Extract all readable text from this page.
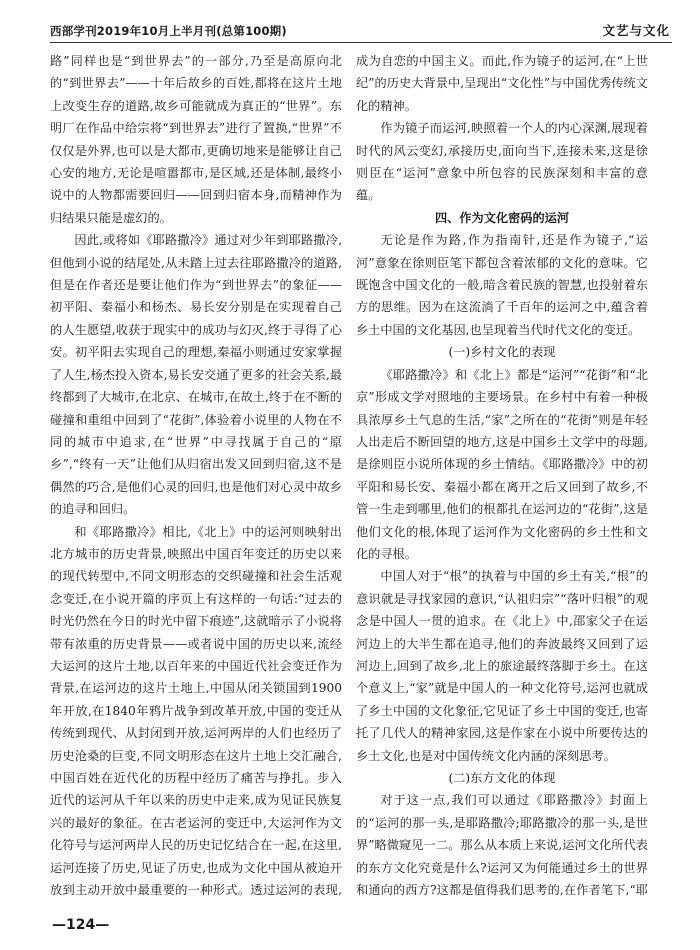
西部学刊2019年10月上半月刊(总第100期)	文艺与文化

路”同样也是“到世界去”的一部分,乃至是高原向北的“到世界去”——十年后故乡的百姓,都将在这片土地上改变生存的道路,故乡可能就成为真正的“世界”。东明厂在作品中给宗将“到世界去”进行了置换,“世界”不仅仅是外界,也可以是大都市,更确切地来是能够让自己心安的地方,无论是喧嚣都市,是区域,还是体制,最终小说中的人物都需要回归——回到归宿本身,而精神作为归结果只能是虚幻的。

因此,或将如《耶路撒冷》通过对少年到耶路撒冷,但他到小说的结尾处,从未踏上过去往耶路撒冷的道路,但是在作者还是要让他们作为“到世界去”的象征——初平阳、秦福小和杨杰、易长安分别是在实现着自己的人生愿望,收获于现实中的成功与幻灭,终于寻得了心安。初平阳去实现自己的理想,秦福小则通过安家掌握了人生,杨杰投入资本,易长安交通了更多的社会关系,最终都到了大城市,在北京、在城市,在故土,终于在不断的碰撞和重组中回到了“花街”,体验着小说里的人物在不同的城市中追求,在“世界”中寻找属于自己的“原乡”,“终有一天”让他们从归宿出发又回到归宿,这不是偶然的巧合,是他们心灵的回归,也是他们对心灵中故乡的追寻和回归。

和《耶路撒冷》相比,《北上》中的运河则映射出北方城市的历史背景,映照出中国百年变迁的历史以来的现代转型中,不同文明形态的交织碰撞和社会生活观念变迁,在小说开篇的序页上有这样的一句话:“过去的时光仍然在今日的时光中留下痕迹”,这就暗示了小说将带有浓重的历史背景——或者说中国的历史以来,流经大运河的这片土地,以百年来的中国近代社会变迁作为背景,在运河边的这片土地上,中国从闭关锁国到1900年开放,在1840年鸦片战争到改革开放,中国的变迁从传统到现代、从封闭到开放,运河两岸的人们也经历了历史沧桑的巨变,不同文明形态在这片土地上交汇融合,中国百姓在近代化的历程中经历了痛苦与挣扎。步入近代的运河从千年以来的历史中走来,成为见证民族复兴的最好的象征。在古老运河的变迁中,大运河作为文化符号与运河两岸人民的历史记忆结合在一起,在这里,运河连接了历史,见证了历史,也成为文化中国从被迫开放到主动开放中最重要的一种形式。透过运河的表现,

成为自恋的中国主义。而此,作为镜子的运河,在“上世纪”的历史大背景中,呈现出“文化性”与中国优秀传统文化的精神。

作为镜子而运河,映照着一个人的内心深渊,展现着时代的风云变幻,承接历史,面向当下,连接未来,这是徐则臣在“运河”意象中所包容的民族深刻和丰富的意蕴。

四、作为文化密码的运河

无论是作为路,作为指南针,还是作为镜子,“运河”意象在徐则臣笔下都包含着浓郁的文化的意味。它既饱含中国文化的一般,暗含着民族的智慧,也投射着东方的思维。因为在这流淌了千百年的运河之中,蕴含着乡土中国的文化基因,也呈现着当代时代文化的变迁。

(一)乡村文化的表现

《耶路撒冷》和《北上》都是“运河”“花街”和“北京”形成文学对照地的主要场景。在乡村中有着一种极具浓厚乡土气息的生活,“家”之所在的“花街”则是年轻人出走后不断回望的地方,这是中国乡土文学中的母题,是徐则臣小说所体现的乡土情结。《耶路撒冷》中的初平阳和易长安、秦福小都在离开之后又回到了故乡,不管一生走到哪里,他们的根都扎在运河边的“花街”,这是他们文化的根,体现了运河作为文化密码的乡土性和文化的寻根。

中国人对于“根”的执着与中国的乡土有关,“根”的意识就是寻找家园的意识,“认祖归宗”“落叶归根”的观念是中国人一贯的追求。在《北上》中,邵家父子在运河边上的大半生都在追寻,他们的奔波最终又回到了运河边上,回到了故乡,北上的旅途最终落脚于乡土。在这个意义上,“家”就是中国人的一种文化符号,运河也就成了乡土中国的文化象征,它见证了乡土中国的变迁,也寄托了几代人的精神家园,这是作家在小说中所要传达的乡土文化,也是对中国传统文化内涵的深刻思考。

(二)东方文化的体现

对于这一点,我们可以通过《耶路撒冷》封面上的“运河的那一头,是耶路撒冷;耶路撒冷的那一头,是世界”略微窥见一二。那么从本质上来说,运河文化所代表的东方文化究竟是什么?运河又为何能通过乡土的世界和通向的西方?这都是值得我们思考的,在作者笔下,“耶

—124—
